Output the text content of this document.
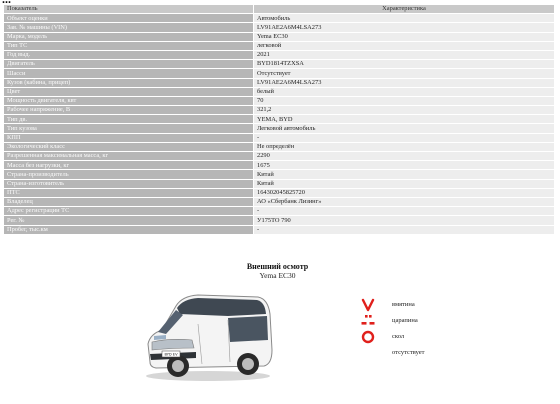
Показатель	Характеристика
Объект оценки	Автомобиль
Зав. № машины (VIN)	LV91AE2A6M4LSA273
Марка, модель	Yema EC30
Тип ТС	легковой
Год выд.	2021
Двигатель	BYD1814TZXSA
Шасси	Отсутствует
Кузов (кабина, прицеп)	LV91AE2A6M4LSA273
Цвет	белый
Мощность двигателя, квт	70
Рабочее напряжение, В	321,2
Тип дв.	YEMA, BYD
Тип кузова	Легковой автомобиль
КПП	-
Экологический класс	Не определён
Разрешенная максимальная масса, кг	2290
Масса без нагрузки, кг	1675
Страна-производитель	Китай
Страна-изготовитель	Китай
ПТС	164302045825720
Владелец	АО «Сбербанк Лизинг»
Адрес регистрации ТС	-
Рег. №	У175ТО 790
Пробег, тыс.км	-
Внешний осмотр
Yema EC30
BYD EV
вмятина
царапина
скол
отсутствует
